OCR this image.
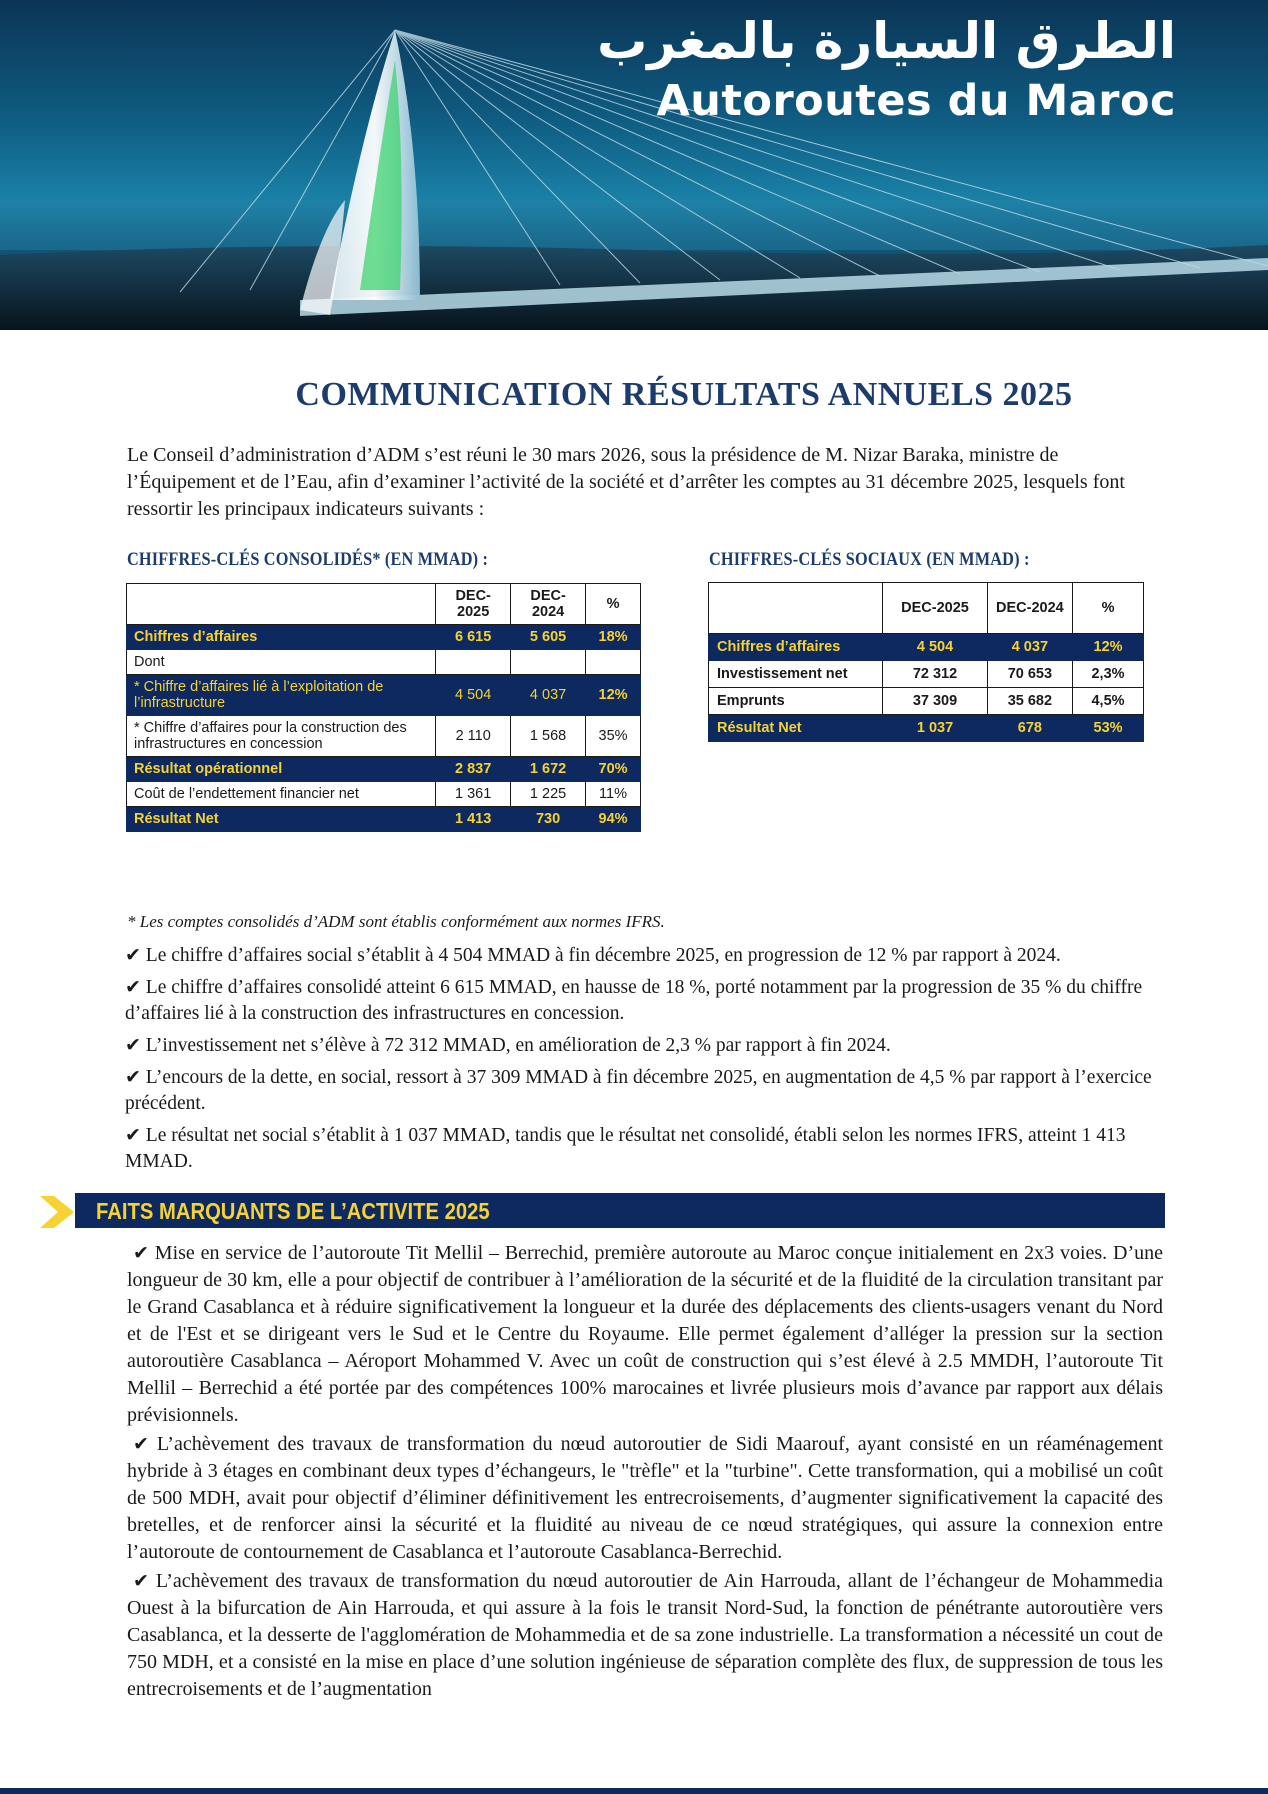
الطرق السيارة بالمغرب
Autoroutes du Maroc
COMMUNICATION RÉSULTATS ANNUELS 2025
Le Conseil d’administration d’ADM s’est réuni le 30 mars 2026, sous la présidence de M. Nizar Baraka, ministre de l’Équipement et de l’Eau, afin d’examiner l’activité de la société et d’arrêter les comptes au 31 décembre 2025, lesquels font ressortir les principaux indicateurs suivants :
CHIFFRES-CLÉS CONSOLIDÉS* (EN MMAD) :
	DEC-2025	DEC-2024	%
Chiffres d’affaires	6 615	5 605	18%
Dont			
* Chiffre d’affaires lié à l’exploitation de l’infrastructure	4 504	4 037	12%
* Chiffre d’affaires pour la construction des infrastructures en concession	2 110	1 568	35%
Résultat opérationnel	2 837	1 672	70%
Coût de l’endettement financier net	1 361	1 225	11%
Résultat Net	1 413	730	94%
CHIFFRES-CLÉS SOCIAUX (EN MMAD) :
	DEC-2025	DEC-2024	%
Chiffres d’affaires	4 504	4 037	12%
Investissement net	72 312	70 653	2,3%
Emprunts	37 309	35 682	4,5%
Résultat Net	1 037	678	53%
* Les comptes consolidés d’ADM sont établis conformément aux normes IFRS.

✔ Le chiffre d’affaires social s’établit à 4 504 MMAD à fin décembre 2025, en progression de 12 % par rapport à 2024.

✔ Le chiffre d’affaires consolidé atteint 6 615 MMAD, en hausse de 18 %, porté notamment par la progression de 35 % du chiffre d’affaires lié à la construction des infrastructures en concession.

✔ L’investissement net s’élève à 72 312 MMAD, en amélioration de 2,3 % par rapport à fin 2024.

✔ L’encours de la dette, en social, ressort à 37 309 MMAD à fin décembre 2025, en augmentation de 4,5 % par rapport à l’exercice précédent.

✔ Le résultat net social s’établit à 1 037 MMAD, tandis que le résultat net consolidé, établi selon les normes IFRS, atteint 1 413 MMAD.

FAITS MARQUANTS DE L’ACTIVITE 2025

✔ Mise en service de l’autoroute Tit Mellil – Berrechid, première autoroute au Maroc conçue initialement en 2x3 voies. D’une longueur de 30 km, elle a pour objectif de contribuer à l’amélioration de la sécurité et de la fluidité de la circulation transitant par le Grand Casablanca et à réduire significativement la longueur et la durée des déplacements des clients-usagers venant du Nord et de l'Est et se dirigeant vers le Sud et le Centre du Royaume. Elle permet également d’alléger la pression sur la section autoroutière Casablanca – Aéroport Mohammed V. Avec un coût de construction qui s’est élevé à 2.5 MMDH, l’autoroute Tit Mellil – Berrechid a été portée par des compétences 100% marocaines et livrée plusieurs mois d’avance par rapport aux délais prévisionnels.

✔ L’achèvement des travaux de transformation du nœud autoroutier de Sidi Maarouf, ayant consisté en un réaménagement hybride à 3 étages en combinant deux types d’échangeurs, le "trèfle" et la "turbine". Cette transformation, qui a mobilisé un coût de 500 MDH, avait pour objectif d’éliminer définitivement les entrecroisements, d’augmenter significativement la capacité des bretelles, et de renforcer ainsi la sécurité et la fluidité au niveau de ce nœud stratégiques, qui assure la connexion entre l’autoroute de contournement de Casablanca et l’autoroute Casablanca-Berrechid.

✔ L’achèvement des travaux de transformation du nœud autoroutier de Ain Harrouda, allant de l’échangeur de Mohammedia Ouest à la bifurcation de Ain Harrouda, et qui assure à la fois le transit Nord-Sud, la fonction de pénétrante autoroutière vers Casablanca, et la desserte de l'agglomération de Mohammedia et de sa zone industrielle. La transformation a nécessité un cout de 750 MDH, et a consisté en la mise en place d’une solution ingénieuse de séparation complète des flux, de suppression de tous les entrecroisements et de l’augmentation
